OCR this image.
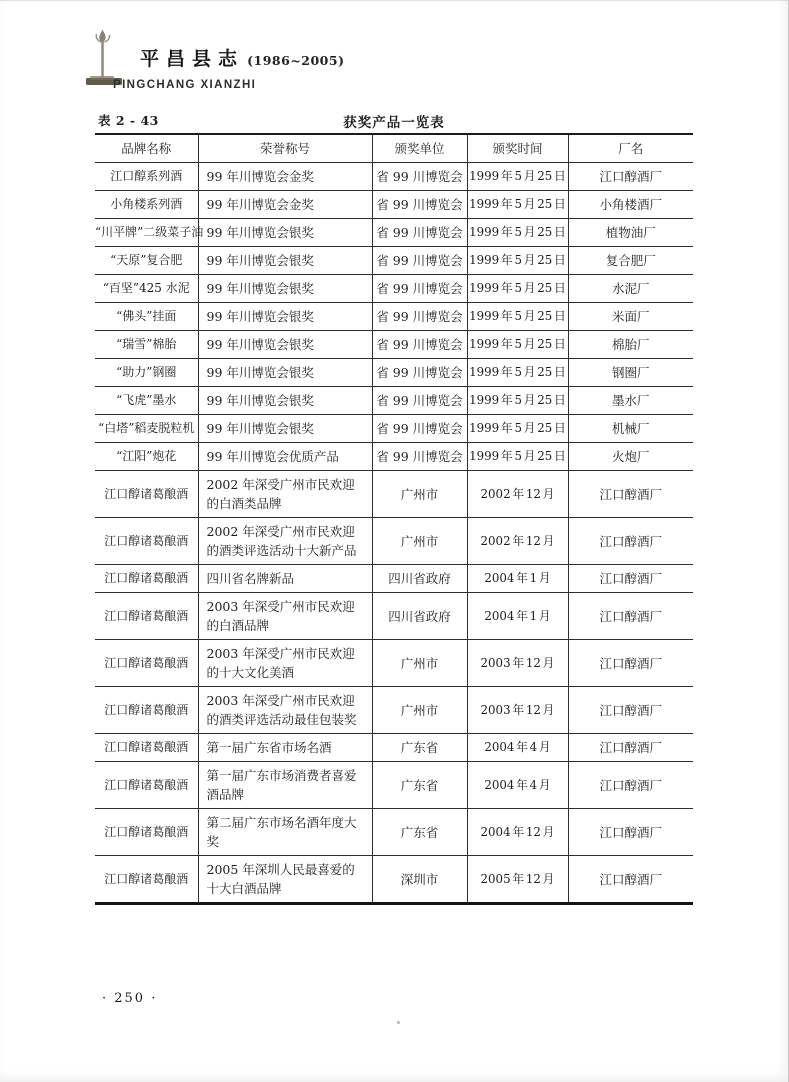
平昌县志 (1986~2005)
PINGCHANG XIANZHI
表 2 - 43	获奖产品一览表
品牌名称	荣誉称号	颁奖单位	颁奖时间	厂名
江口醇系列酒	99 年川博览会金奖	省 99 川博览会	1999 年 5 月 25 日	江口醇酒厂
小角楼系列酒	99 年川博览会金奖	省 99 川博览会	1999 年 5 月 25 日	小角楼酒厂
“川平牌”二级菜子油	99 年川博览会银奖	省 99 川博览会	1999 年 5 月 25 日	植物油厂
“天原”复合肥	99 年川博览会银奖	省 99 川博览会	1999 年 5 月 25 日	复合肥厂
“百坚”425 水泥	99 年川博览会银奖	省 99 川博览会	1999 年 5 月 25 日	水泥厂
“佛头”挂面	99 年川博览会银奖	省 99 川博览会	1999 年 5 月 25 日	米面厂
“瑞雪”棉胎	99 年川博览会银奖	省 99 川博览会	1999 年 5 月 25 日	棉胎厂
“助力”钢圈	99 年川博览会银奖	省 99 川博览会	1999 年 5 月 25 日	钢圈厂
“飞虎”墨水	99 年川博览会银奖	省 99 川博览会	1999 年 5 月 25 日	墨水厂
“白塔”稻麦脱粒机	99 年川博览会银奖	省 99 川博览会	1999 年 5 月 25 日	机械厂
“江阳”炮花	99 年川博览会优质产品	省 99 川博览会	1999 年 5 月 25 日	火炮厂
江口醇诸葛酿酒	2002 年深受广州市民欢迎的白酒类品牌	广州市	2002 年 12 月	江口醇酒厂
江口醇诸葛酿酒	2002 年深受广州市民欢迎的酒类评选活动十大新产品	广州市	2002 年 12 月	江口醇酒厂
江口醇诸葛酿酒	四川省名牌新品	四川省政府	2004 年 1 月	江口醇酒厂
江口醇诸葛酿酒	2003 年深受广州市民欢迎的白酒品牌	四川省政府	2004 年 1 月	江口醇酒厂
江口醇诸葛酿酒	2003 年深受广州市民欢迎的十大文化美酒	广州市	2003 年 12 月	江口醇酒厂
江口醇诸葛酿酒	2003 年深受广州市民欢迎的酒类评选活动最佳包装奖	广州市	2003 年 12 月	江口醇酒厂
江口醇诸葛酿酒	第一届广东省市场名酒	广东省	2004 年 4 月	江口醇酒厂
江口醇诸葛酿酒	第一届广东市场消费者喜爱酒品牌	广东省	2004 年 4 月	江口醇酒厂
江口醇诸葛酿酒	第二届广东市场名酒年度大奖	广东省	2004 年 12 月	江口醇酒厂
江口醇诸葛酿酒	2005 年深圳人民最喜爱的十大白酒品牌	深圳市	2005 年 12 月	江口醇酒厂
· 250 ·
